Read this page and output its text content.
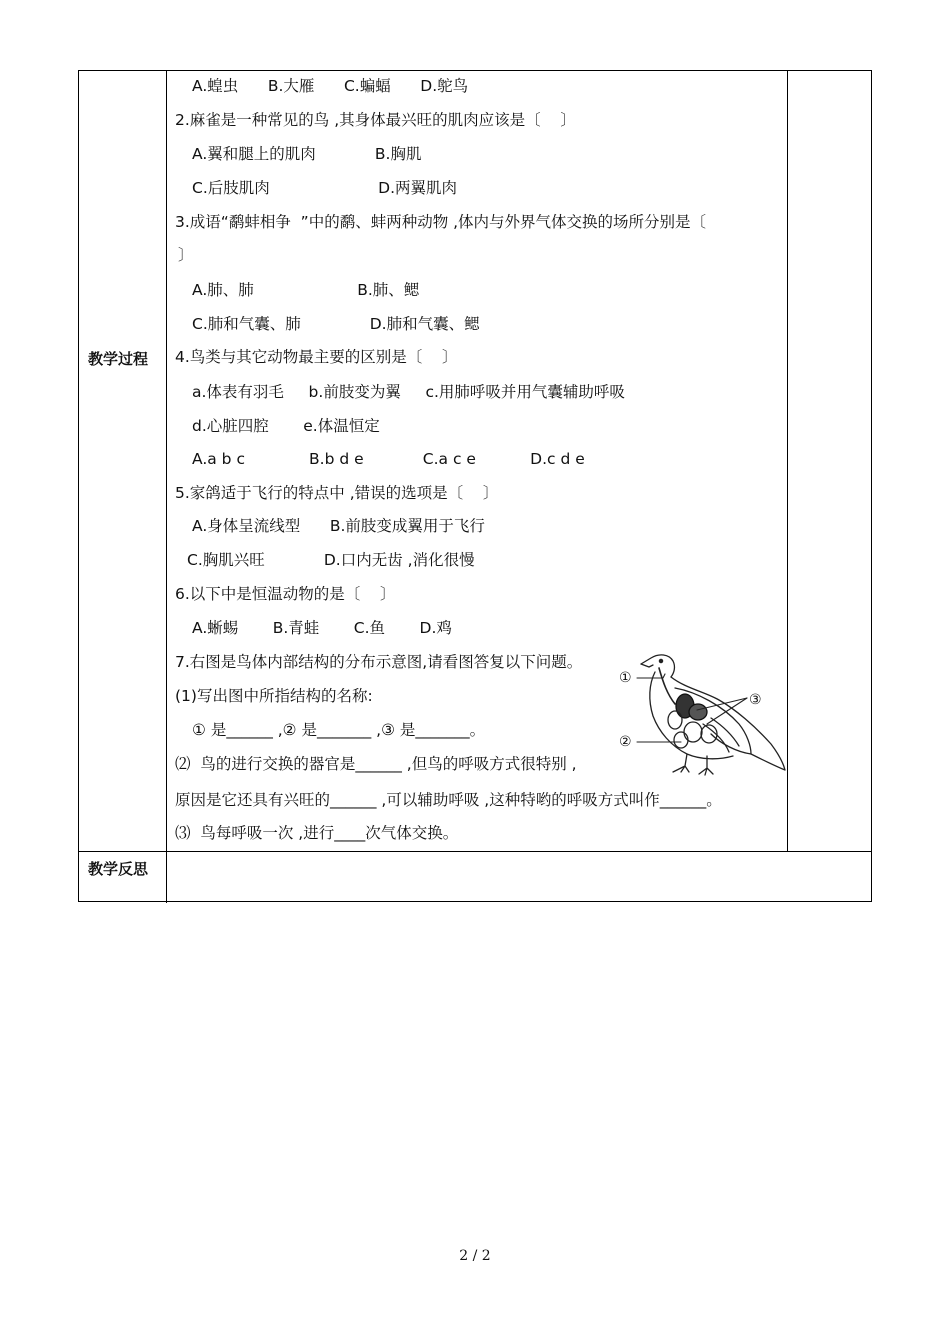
教学过程
教学反思
A.蝗虫      B.大雁      C.蝙蝠      D.鸵鸟
2.麻雀是一种常见的鸟 ,其身体最兴旺的肌肉应该是〔    〕
A.翼和腿上的肌肉            B.胸肌
C.后肢肌肉                      D.两翼肌肉
3.成语“鹬蚌相争  ”中的鹬、蚌两种动物 ,体内与外界气体交换的场所分别是〔
〕
A.肺、肺                     B.肺、鳃
C.肺和气囊、肺              D.肺和气囊、鳃
4.鸟类与其它动物最主要的区别是〔    〕
a.体表有羽毛     b.前肢变为翼     c.用肺呼吸并用气囊辅助呼吸
d.心脏四腔       e.体温恒定
A.a b c             B.b d e            C.a c e           D.c d e
5.家鸽适于飞行的特点中 ,错误的选项是〔    〕
A.身体呈流线型      B.前肢变成翼用于飞行
C.胸肌兴旺            D.口内无齿 ,消化很慢
6.以下中是恒温动物的是〔    〕
A.蜥蜴       B.青蛙       C.鱼       D.鸡
7.右图是鸟体内部结构的分布示意图,请看图答复以下问题。
(1)写出图中所指结构的名称:
① 是______ ,② 是_______ ,③ 是_______。
⑵  鸟的进行交换的器官是______ ,但鸟的呼吸方式很特别 ,
原因是它还具有兴旺的______ ,可以辅助呼吸 ,这种特哟的呼吸方式叫作______。
⑶  鸟每呼吸一次 ,进行____次气体交换。
①
②
③
2 / 2
